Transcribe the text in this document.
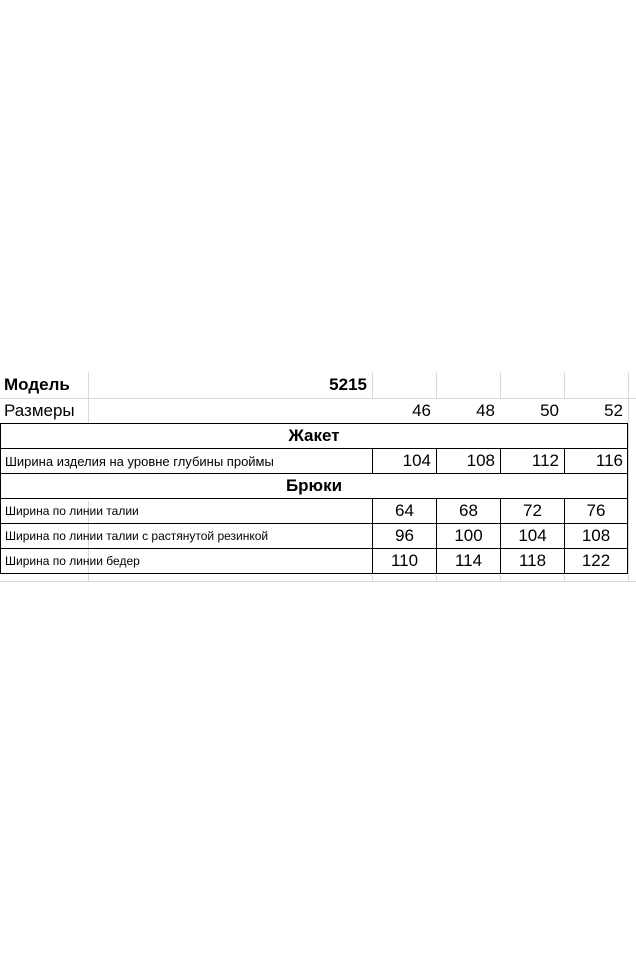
Модель	5215
Размеры	46	48	50	52
Жакет
Ширина изделия на уровне глубины проймы	104	108	112	116
Брюки
Ширина по линии талии	64	68	72	76
Ширина по линии талии с растянутой резинкой	96	100	104	108
Ширина по линии бедер	110	114	118	122
